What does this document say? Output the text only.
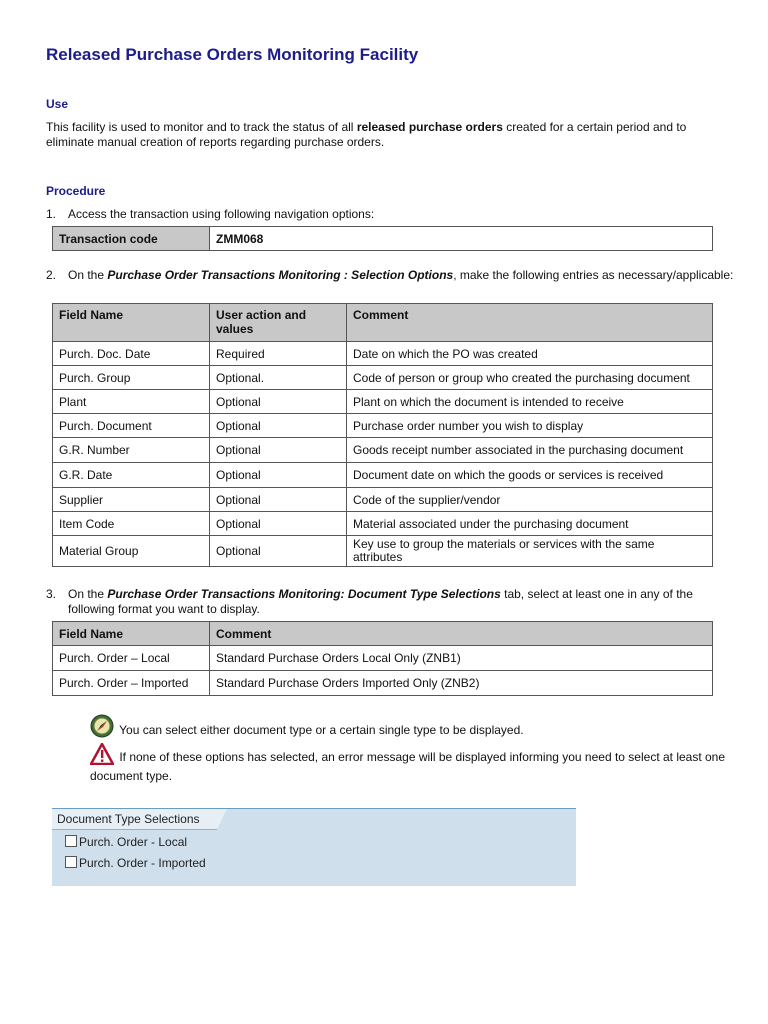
Released Purchase Orders Monitoring Facility
Use
This facility is used to monitor and to track the status of all released purchase orders created for a certain period and to eliminate manual creation of reports regarding purchase orders.
Procedure
1. Access the transaction using following navigation options:
Transaction code	ZMM068
2. On the Purchase Order Transactions Monitoring : Selection Options, make the following entries as necessary/applicable:
Field Name	User action and values	Comment
Purch. Doc. Date	Required	Date on which the PO was created
Purch. Group	Optional.	Code of person or group who created the purchasing document
Plant	Optional	Plant on which the document is intended to receive
Purch. Document	Optional	Purchase order number you wish to display
G.R. Number	Optional	Goods receipt number associated in the purchasing document
G.R. Date	Optional	Document date on which the goods or services is received
Supplier	Optional	Code of the supplier/vendor
Item Code	Optional	Material associated under the purchasing document
Material Group	Optional	Key use to group the materials or services with the same attributes
3. On the Purchase Order Transactions Monitoring: Document Type Selections tab, select at least one in any of the following format you want to display.
Field Name	Comment
Purch. Order – Local	Standard Purchase Orders Local Only (ZNB1)
Purch. Order – Imported	Standard Purchase Orders Imported Only (ZNB2)
You can select either document type or a certain single type to be displayed.
If none of these options has selected, an error message will be displayed informing you need to select at least one document type.
Document Type Selections
Purch. Order - Local
Purch. Order - Imported
